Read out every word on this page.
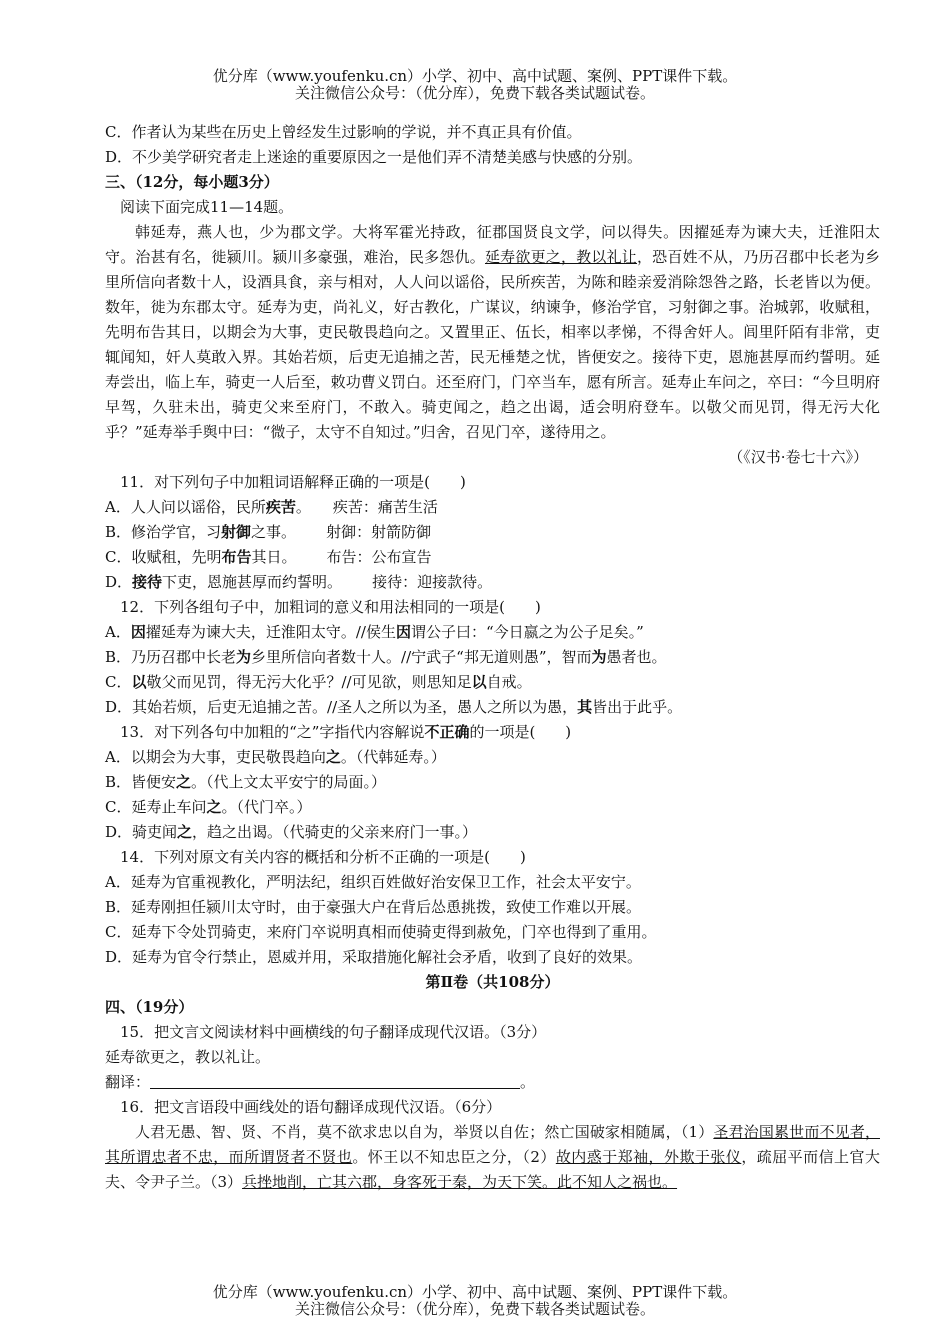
优分库（www.youfenku.cn）小学、初中、高中试题、案例、PPT课件下载。
关注微信公众号：（优分库），免费下载各类试题试卷。
C．作者认为某些在历史上曾经发生过影响的学说，并不真正具有价值。
D．不少美学研究者走上迷途的重要原因之一是他们弄不清楚美感与快感的分别。
三、（12分，每小题3分）
阅读下面完成11—14题。

韩延寿，燕人也，少为郡文学。大将军霍光持政，征郡国贤良文学，问以得失。因擢延寿为谏大夫，迁淮阳太守。治甚有名，徙颍川。颍川多豪强，难治，民多怨仇。延寿欲更之，教以礼让，恐百姓不从，乃历召郡中长老为乡里所信向者数十人，设酒具食，亲与相对，人人问以谣俗，民所疾苦，为陈和睦亲爱消除怨咎之路，长老皆以为便。数年，徙为东郡太守。延寿为吏，尚礼义，好古教化，广谋议，纳谏争，修治学官，习射御之事。治城郭，收赋租，先明布告其日，以期会为大事，吏民敬畏趋向之。又置里正、伍长，相率以孝悌，不得舍奸人。闾里阡陌有非常，吏辄闻知，奸人莫敢入界。其始若烦，后吏无追捕之苦，民无棰楚之忧，皆便安之。接待下吏，恩施甚厚而约誓明。延寿尝出，临上车，骑吏一人后至，敕功曹义罚白。还至府门，门卒当车，愿有所言。延寿止车问之，卒曰：“今旦明府早驾，久驻未出，骑吏父来至府门，不敢入。骑吏闻之，趋之出谒，适会明府登车。以敬父而见罚，得无污大化乎？”延寿举手舆中曰：“微子，太守不自知过。”归舍，召见门卒，遂待用之。

（《汉书·卷七十六》）
11．对下列句子中加粗词语解释正确的一项是(　　)
A．人人问以谣俗，民所疾苦。 疾苦：痛苦生活
B．修治学官，习射御之事。 射御：射箭防御
C．收赋租，先明布告其日。 布告：公布宣告
D．接待下吏，恩施甚厚而约誓明。 接待：迎接款待。
12．下列各组句子中，加粗词的意义和用法相同的一项是(　　)
A．因擢延寿为谏大夫，迁淮阳太守。//侯生因谓公子曰：“今日嬴之为公子足矣。”
B．乃历召郡中长老为乡里所信向者数十人。//宁武子“邦无道则愚”，智而为愚者也。
C．以敬父而见罚，得无污大化乎？//可见欲，则思知足以自戒。
D．其始若烦，后吏无追捕之苦。//圣人之所以为圣，愚人之所以为愚，其皆出于此乎。
13．对下列各句中加粗的“之”字指代内容解说不正确的一项是(　　)
A．以期会为大事，吏民敬畏趋向之。（代韩延寿。）
B．皆便安之。（代上文太平安宁的局面。）
C．延寿止车问之。（代门卒。）
D．骑吏闻之，趋之出谒。（代骑吏的父亲来府门一事。）
14．下列对原文有关内容的概括和分析不正确的一项是(　　)
A．延寿为官重视教化，严明法纪，组织百姓做好治安保卫工作，社会太平安宁。
B．延寿刚担任颍川太守时，由于豪强大户在背后怂恿挑拨，致使工作难以开展。
C．延寿下令处罚骑吏，来府门卒说明真相而使骑吏得到赦免，门卒也得到了重用。
D．延寿为官令行禁止，恩威并用，采取措施化解社会矛盾，收到了良好的效果。
第Ⅱ卷（共108分）
四、（19分）
15．把文言文阅读材料中画横线的句子翻译成现代汉语。（3分）
延寿欲更之，教以礼让。
翻译：	。
16．把文言语段中画线处的语句翻译成现代汉语。（6分）

人君无愚、智、贤、不肖，莫不欲求忠以自为，举贤以自佐；然亡国破家相随属，（1）圣君治国累世而不见者，其所谓忠者不忠，而所谓贤者不贤也。怀王以不知忠臣之分，（2）故内惑于郑袖，外欺于张仪，疏屈平而信上官大夫、令尹子兰。（3）兵挫地削，亡其六郡，身客死于秦，为天下笑。此不知人之祸也。

优分库（www.youfenku.cn）小学、初中、高中试题、案例、PPT课件下载。
关注微信公众号：（优分库），免费下载各类试题试卷。
